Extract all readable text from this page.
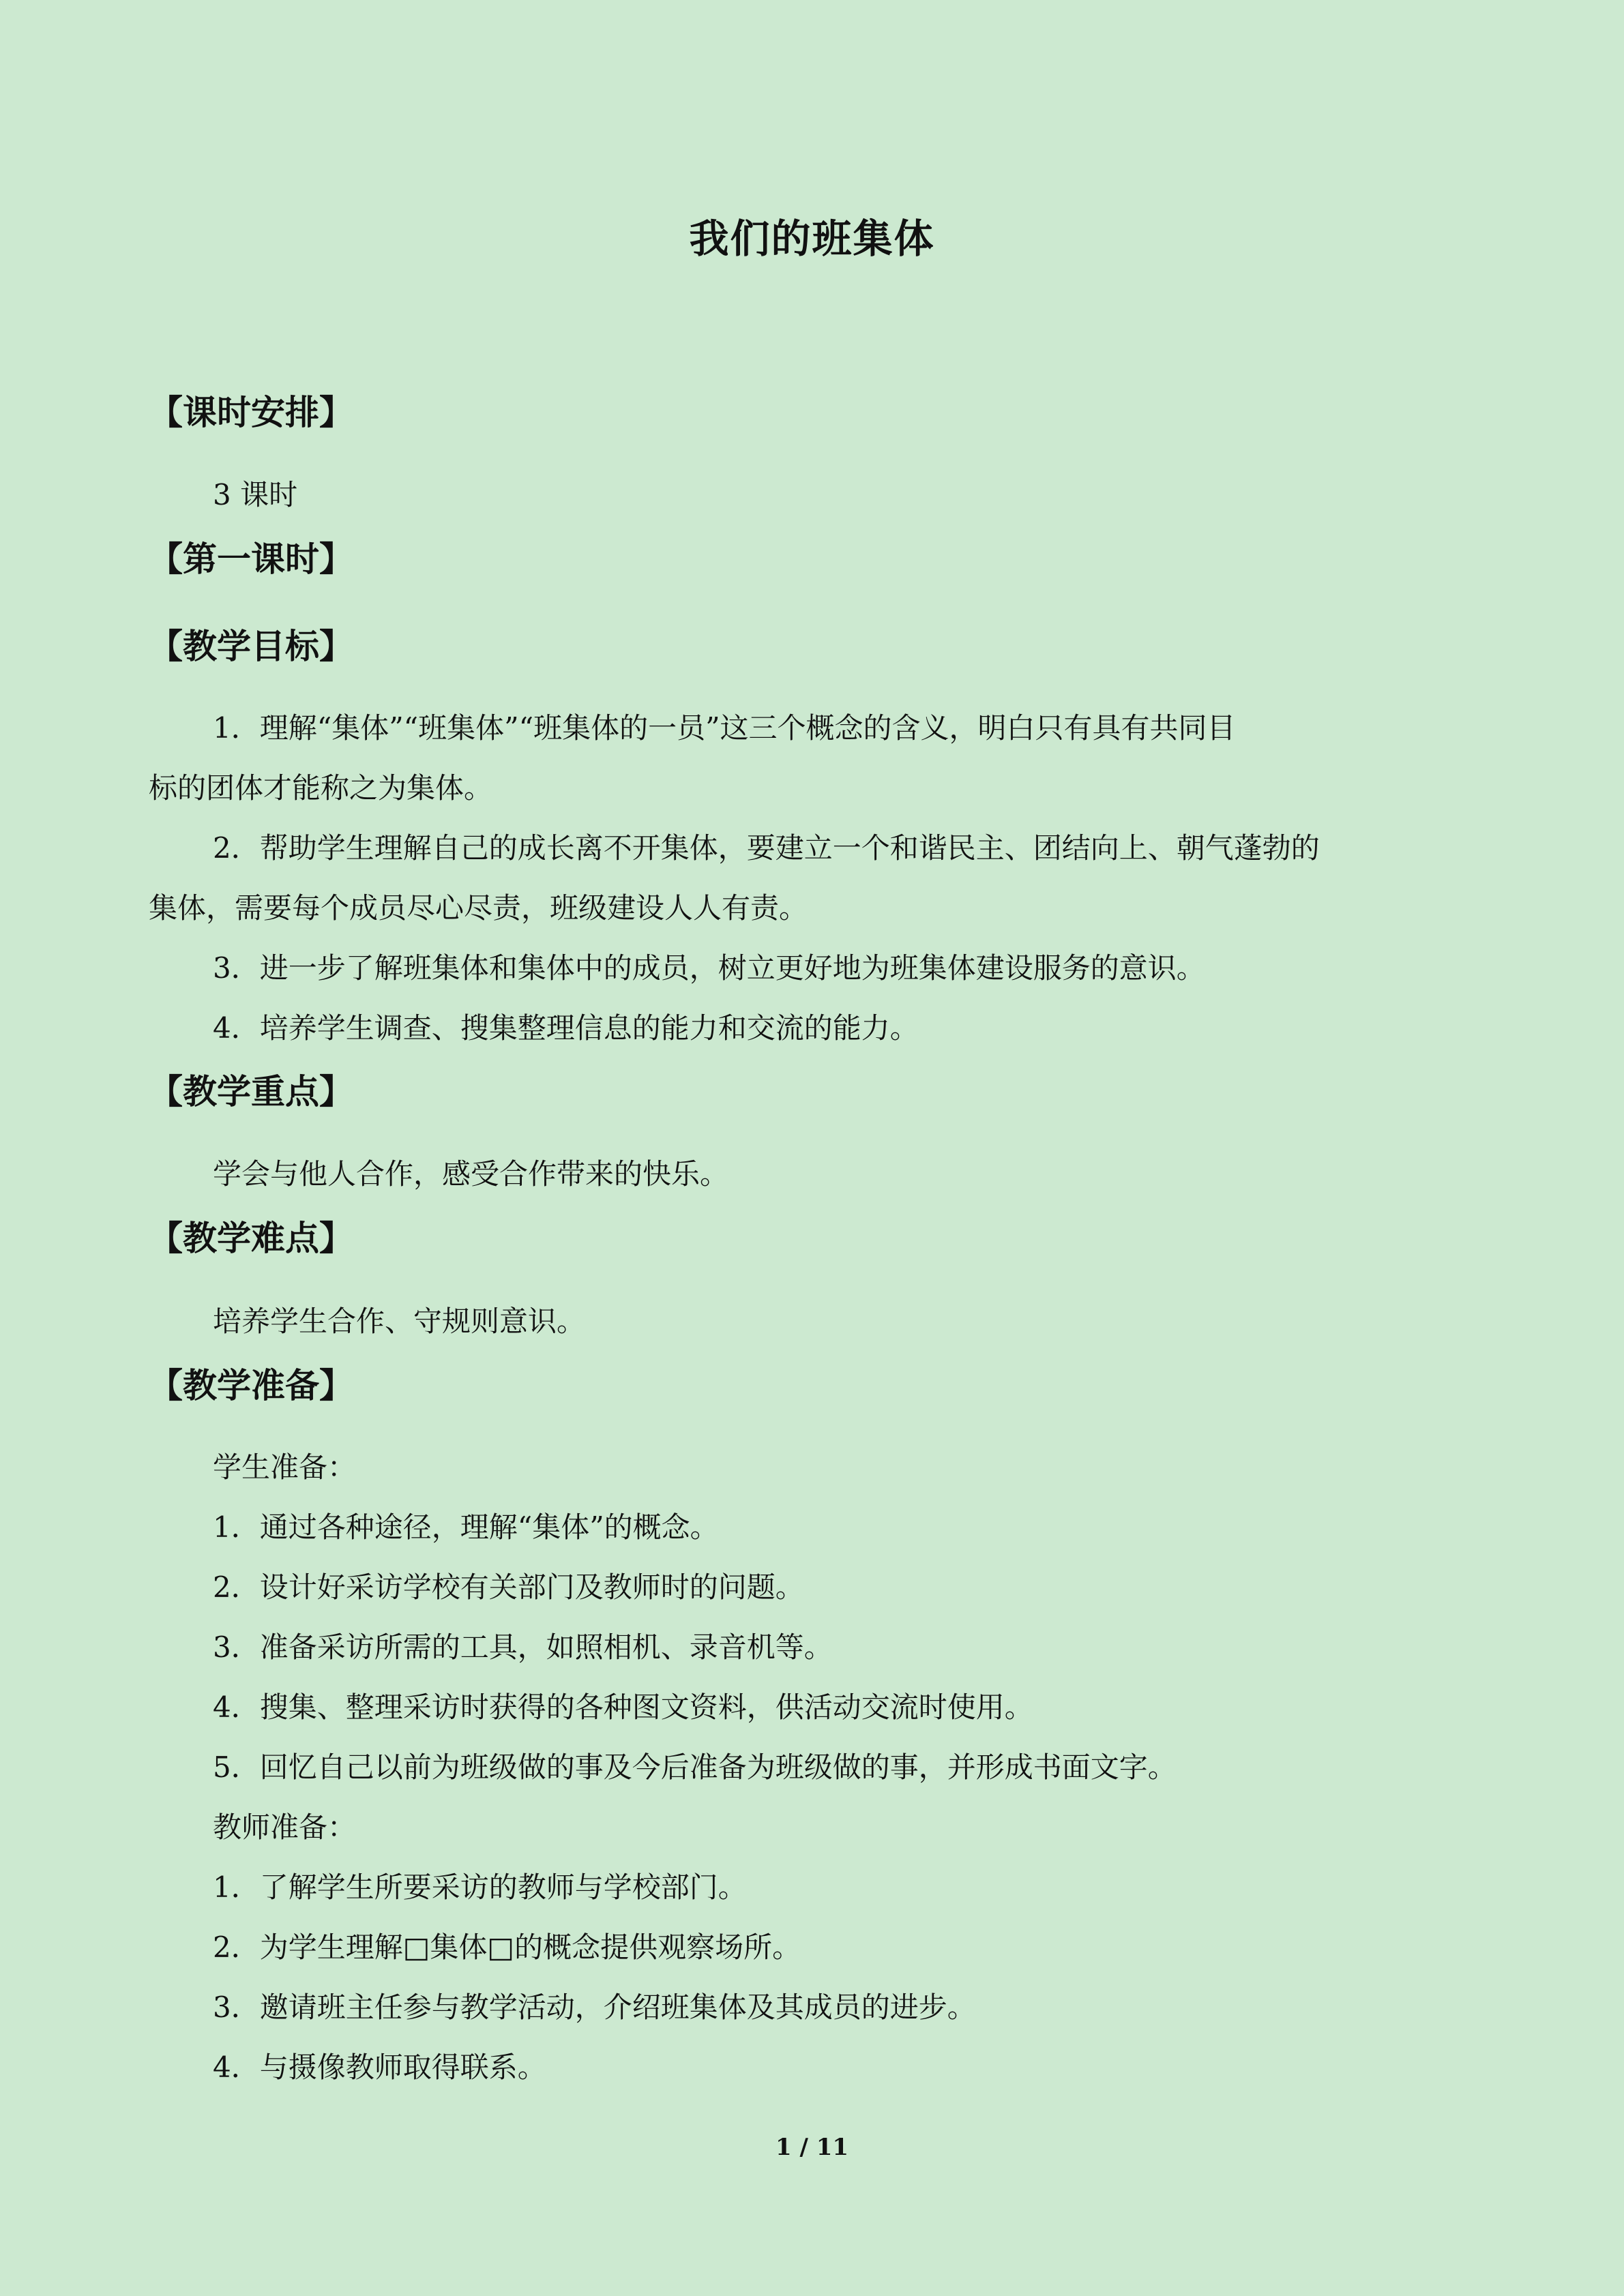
我们的班集体
【课时安排】
3 课时
【第一课时】
【教学目标】
1．理解“集体”“班集体”“班集体的一员”这三个概念的含义，明白只有具有共同目
标的团体才能称之为集体。
2．帮助学生理解自己的成长离不开集体，要建立一个和谐民主、团结向上、朝气蓬勃的
集体，需要每个成员尽心尽责，班级建设人人有责。
3．进一步了解班集体和集体中的成员，树立更好地为班集体建设服务的意识。
4．培养学生调查、搜集整理信息的能力和交流的能力。
【教学重点】
学会与他人合作，感受合作带来的快乐。
【教学难点】
培养学生合作、守规则意识。
【教学准备】
学生准备：
1．通过各种途径，理解“集体”的概念。
2．设计好采访学校有关部门及教师时的问题。
3．准备采访所需的工具，如照相机、录音机等。
4．搜集、整理采访时获得的各种图文资料，供活动交流时使用。
5．回忆自己以前为班级做的事及今后准备为班级做的事，并形成书面文字。
教师准备：
1．了解学生所要采访的教师与学校部门。
2．为学生理解□集体□的概念提供观察场所。
3．邀请班主任参与教学活动，介绍班集体及其成员的进步。
4．与摄像教师取得联系。
1 / 11
